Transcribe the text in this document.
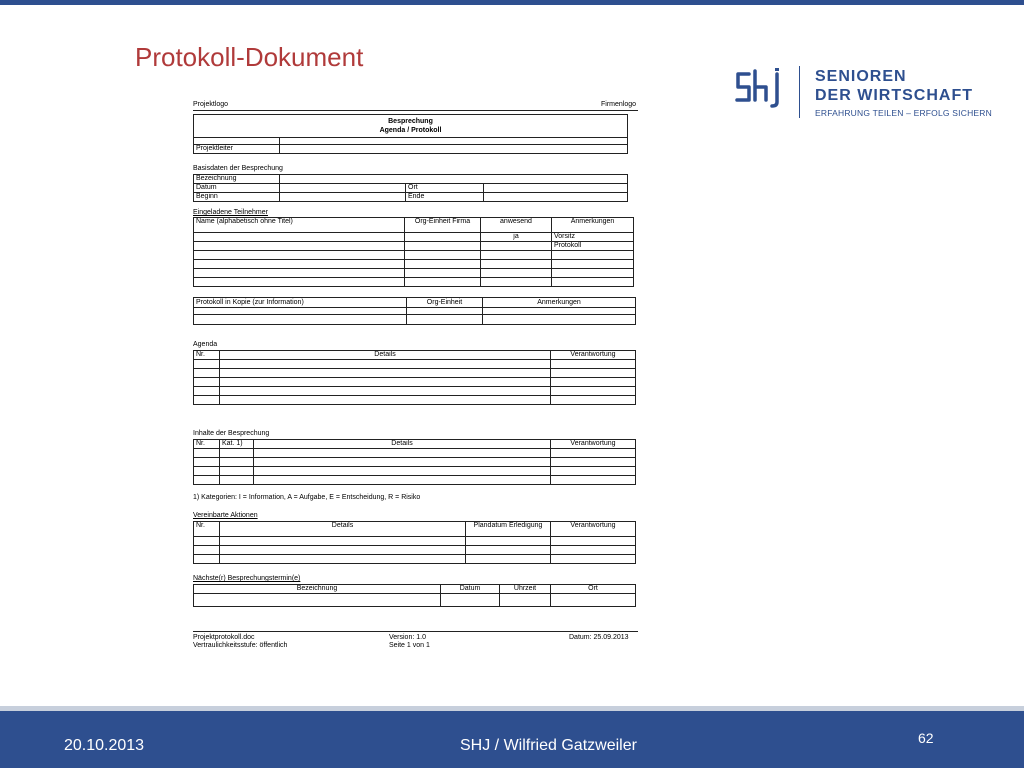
Protokoll-Dokument
SENIOREN
DER WIRTSCHAFT
ERFAHRUNG TEILEN – ERFOLG SICHERN
Projektlogo	Firmenlogo
Besprechung
Agenda / Protokoll

Projektleiter	
Basisdaten der Besprechung
Bezeichnung			
Datum		Ort	
Beginn		Ende	
Eingeladene Teilnehmer
Name (alphabetisch ohne Titel)	Org-Einheit Firma	anwesend	Anmerkungen
		ja	Vorsitz
			Protokoll

Protokoll in Kopie (zur Information)	Org-Einheit	Anmerkungen

Agenda
Nr.	Details	Verantwortung

Inhalte der Besprechung
Nr.	Kat. 1)	Details	Verantwortung

1) Kategorien: I = Information, A = Aufgabe, E = Entscheidung, R = Risiko
Vereinbarte Aktionen
Nr.	Details	Plandatum Erledigung	Verantwortung

Nächste(r) Besprechungstermin(e)
Bezeichnung	Datum	Uhrzeit	Ort

Projektprotokoll.doc	Version: 1.0	Datum: 25.09.2013
Vertraulichkeitsstufe: öffentlich	Seite 1 von 1
20.10.2013	SHJ / Wilfried Gatzweiler	62
